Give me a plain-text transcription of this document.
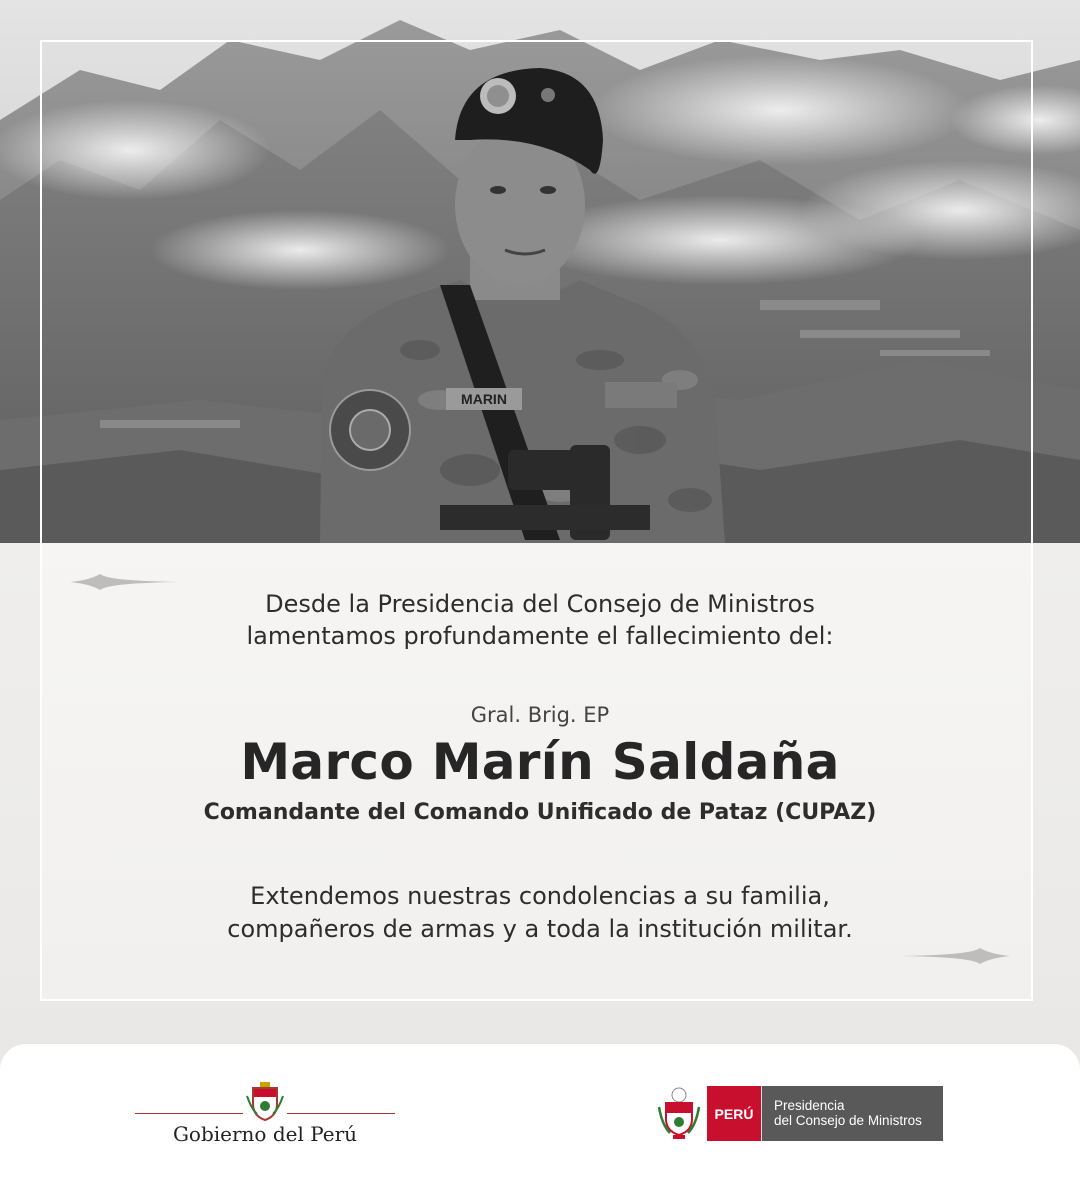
MARIN
Desde la Presidencia del Consejo de Ministros
lamentamos profundamente el fallecimiento del:
Gral. Brig. EP
Marco Marín Saldaña
Comandante del Comando Unificado de Pataz (CUPAZ)
Extendemos nuestras condolencias a su familia,
compañeros de armas y a toda la institución militar.
Gobierno del Perú
PERÚ	Presidencia
del Consejo de Ministros
